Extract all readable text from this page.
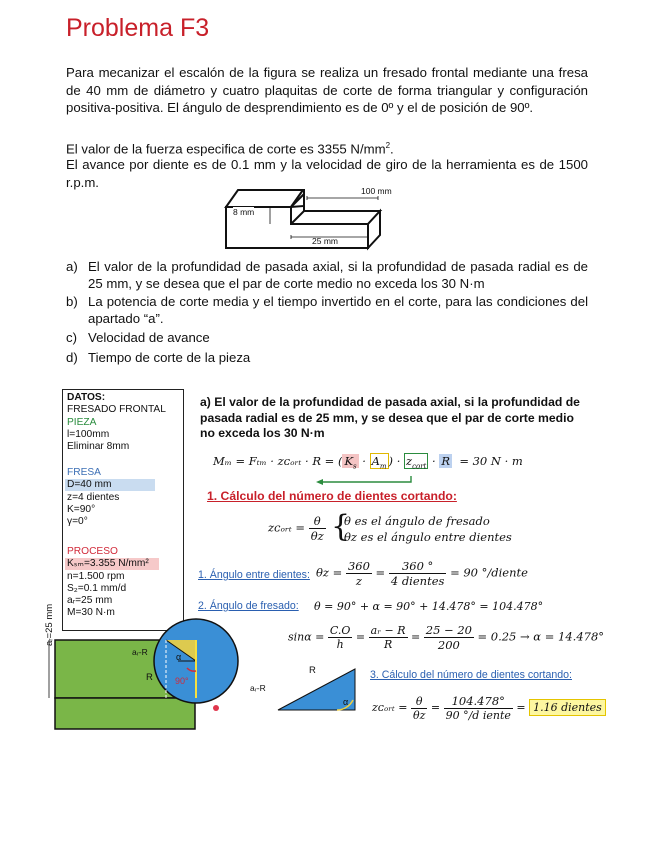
Problema F3
Para mecanizar el escalón de la figura se realiza un fresado frontal mediante una fresa de 40 mm de diámetro y cuatro plaquitas de corte de forma triangular y configuración positiva-positiva. El ángulo de desprendimiento es de 0º y el de posición de 90º.
El valor de la fuerza especifica de corte es 3355 $N/mm^2$.
El avance por diente es de 0.1 mm y la velocidad de giro de la herramienta es de 1500 r.p.m.
100 mm
8 mm
25 mm
a) El valor de la profundidad de pasada axial, si la profundidad de pasada radial es de 25 mm, y se desea que el par de corte medio no exceda los 30 N·m
b) La potencia de corte media y el tiempo invertido en el corte, para las condiciones del apartado “a”.
c) Velocidad de avance
d) Tiempo de corte de la pieza
DATOS:
FRESADO FRONTAL
PIEZA
l=100mm
Eliminar 8mm
FRESA
D=40 mm
z=4 dientes
K=90°
γ=0°
PROCESO
Kₛₘ=3.355 N/mm²
n=1.500 rpm
S₂=0.1 mm/d
aᵣ=25 mm
M=30 N·m
aᵣ=25 mm
aᵣ-R
R
α
90°
R
aᵣ-R
α
a) El valor de la profundidad de pasada axial, si la profundidad de pasada radial es de 25 mm, y se desea que el par de corte medio no exceda los 30 N·m
Mₘ = Fₜₘ · zᴄₒᵣₜ · R = ( $K_s \cdot A_m$ ) · $z_{cort} \cdot R = 30$ N · m
1. Cálculo del número de dientes cortando:
zᴄₒᵣₜ = $\frac{\theta}{\theta z}$ {
θ es el ángulo de fresado
θz es el ángulo entre dientes
1. Ángulo entre dientes: $\theta z = \frac{360}{z} = \frac{360 ^\circ}{\text{4 dientes}} = 90$ °/diente
2. Ángulo de fresado: θ = 90° + α = 90° + 14.478° = 104.478°
$\sin\alpha = \frac{C.O}{h} = \frac{\text{aᵣ − R}}{R} = \frac{25 - 20}{200} = 0.25 \to \alpha = 14.478^\circ$
3. Cálculo del número de dientes cortando:
zᴄₒᵣₜ = $\frac{\theta}{\theta z} = \frac{104.478^\circ}{\text{90 °/d iente}} = 1.16$ dientes
